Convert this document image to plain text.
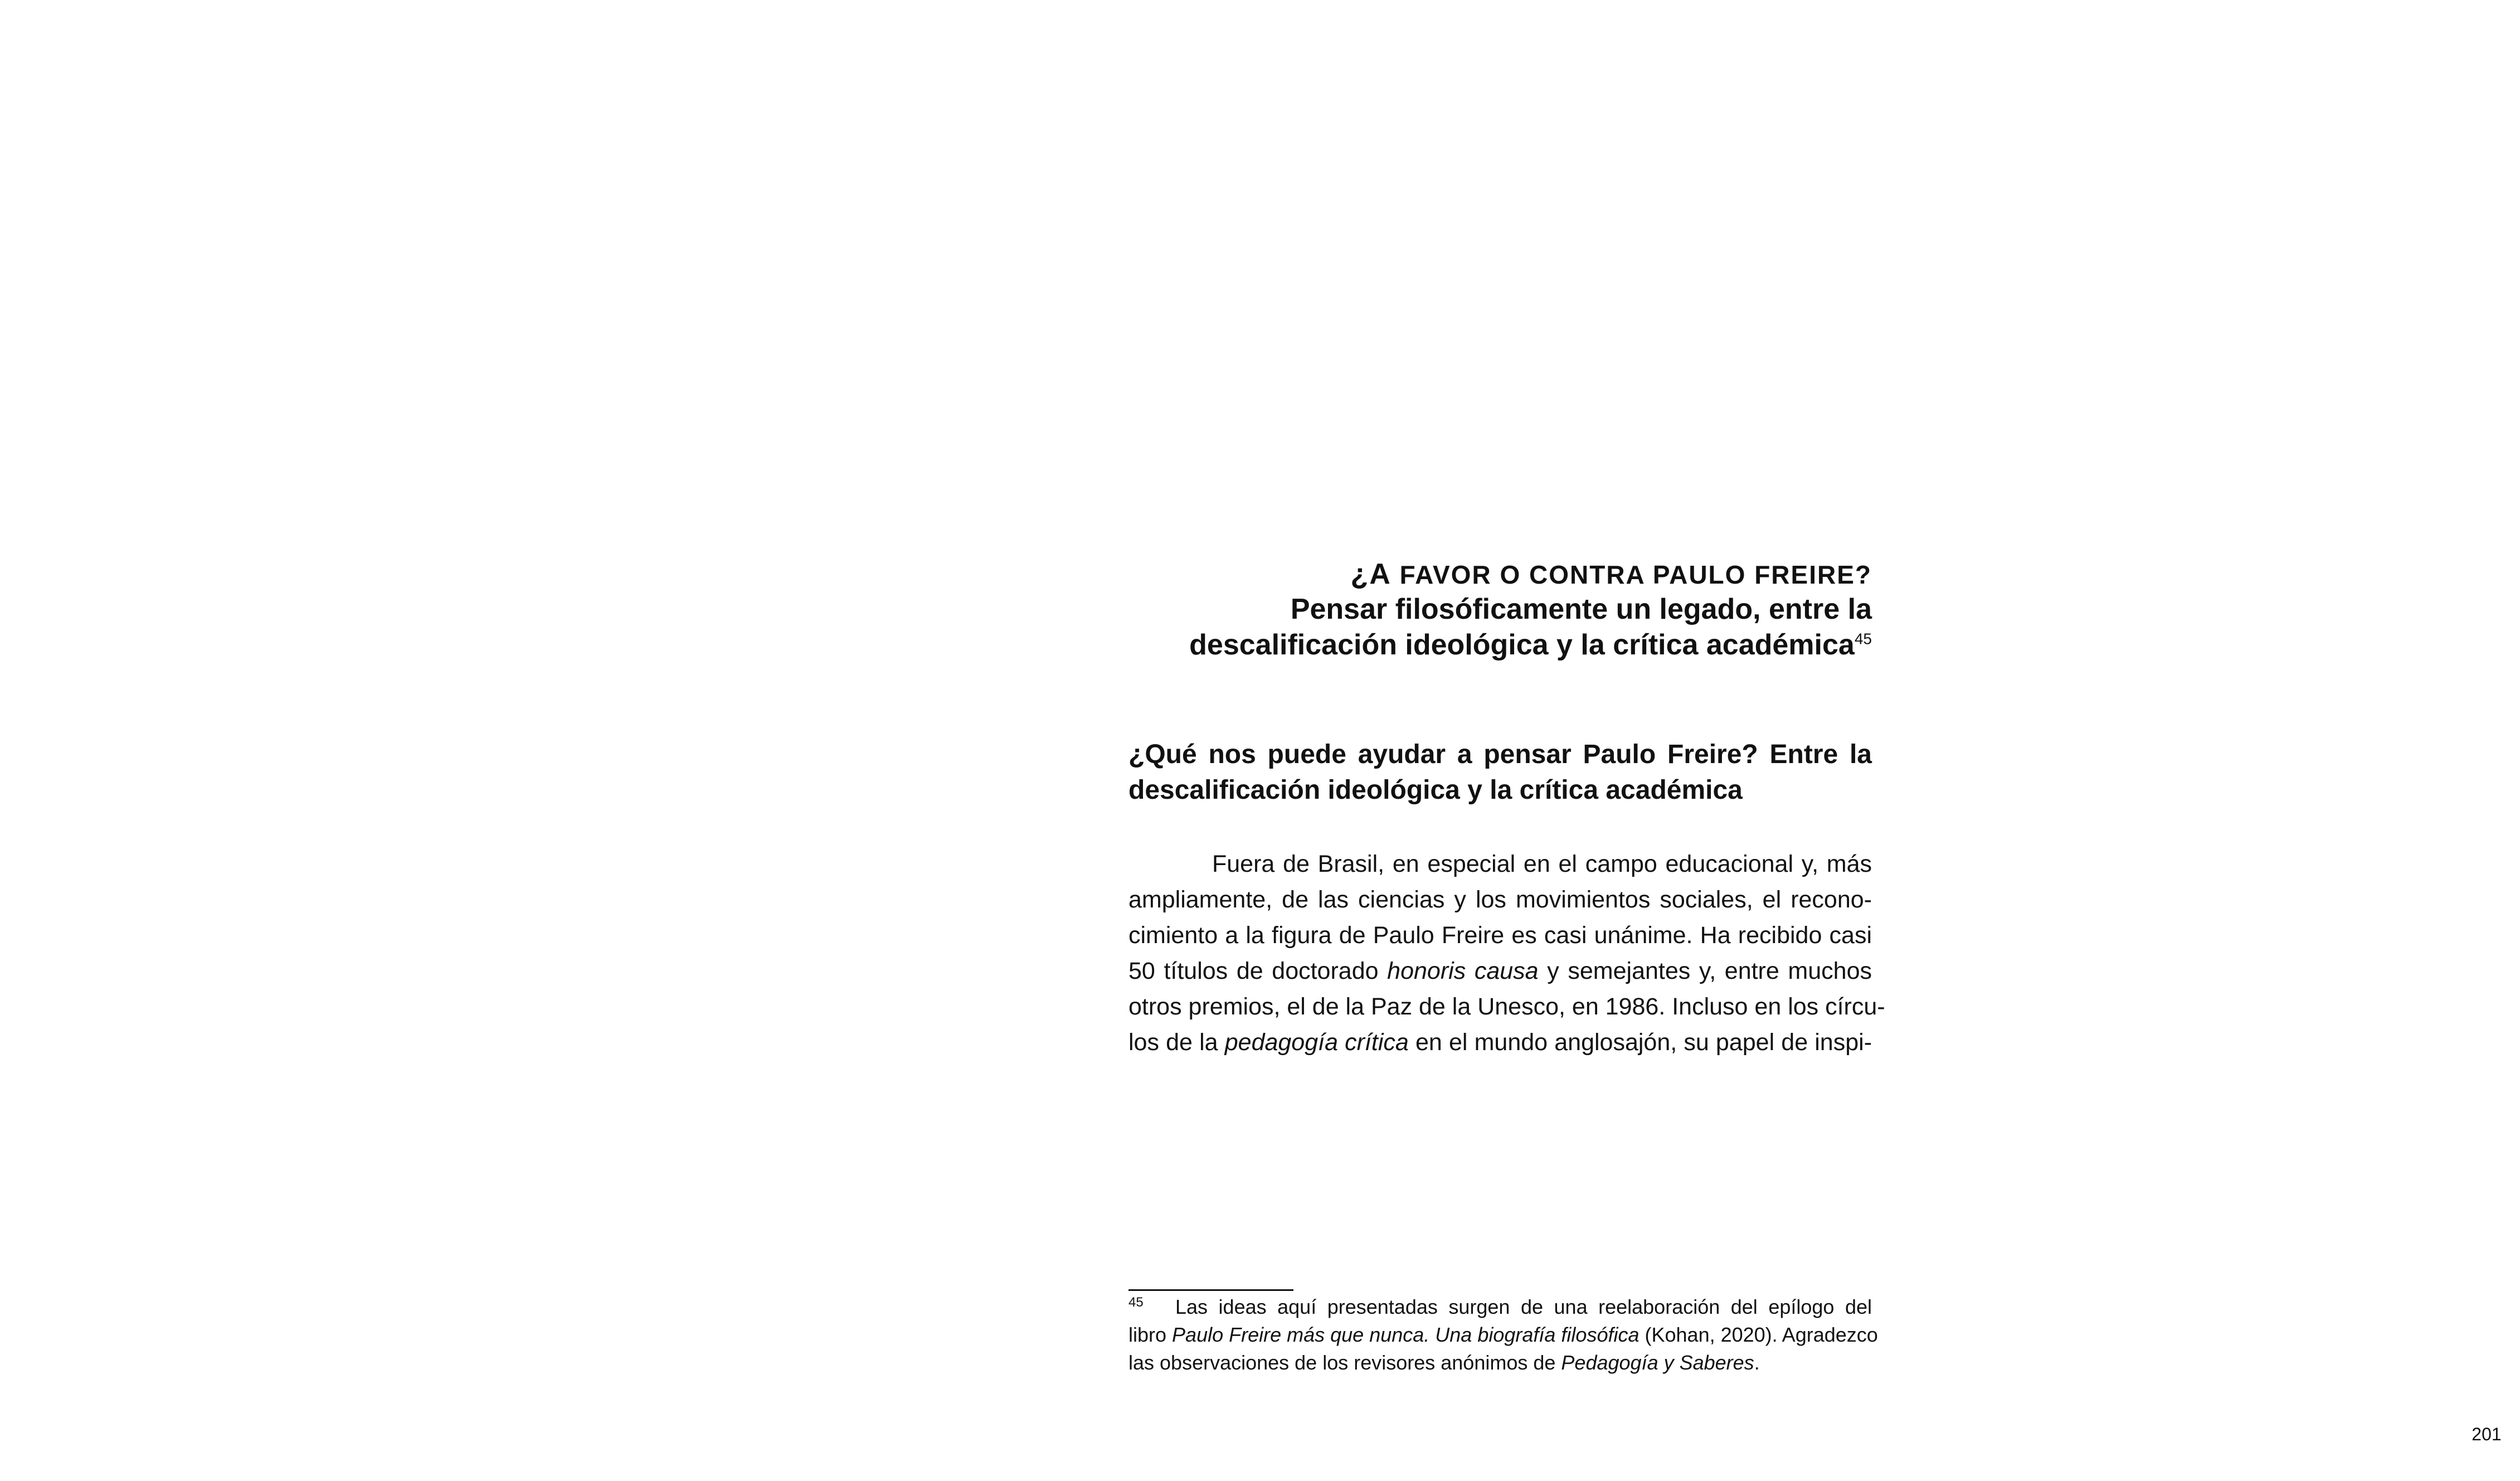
¿A FAVOR O CONTRA PAULO FREIRE?
Pensar filosóficamente un legado, entre la
descalificación ideológica y la crítica académica$^{45}$
¿Qué nos puede ayudar a pensar Paulo Freire? Entre la descalificación ideológica y la crítica académica
Fuera de Brasil, en especial en el campo educacional y, más
ampliamente, de las ciencias y los movimientos sociales, el recono-
cimiento a la figura de Paulo Freire es casi unánime. Ha recibido casi
50 títulos de doctorado honoris causa y semejantes y, entre muchos
otros premios, el de la Paz de la Unesco, en 1986. Incluso en los círcu-
los de la pedagogía crítica en el mundo anglosajón, su papel de inspi-
45 Las ideas aquí presentadas surgen de una reelaboración del epílogo del
libro Paulo Freire más que nunca. Una biografía filosófica (Kohan, 2020). Agradezco
las observaciones de los revisores anónimos de Pedagogía y Saberes.
201
